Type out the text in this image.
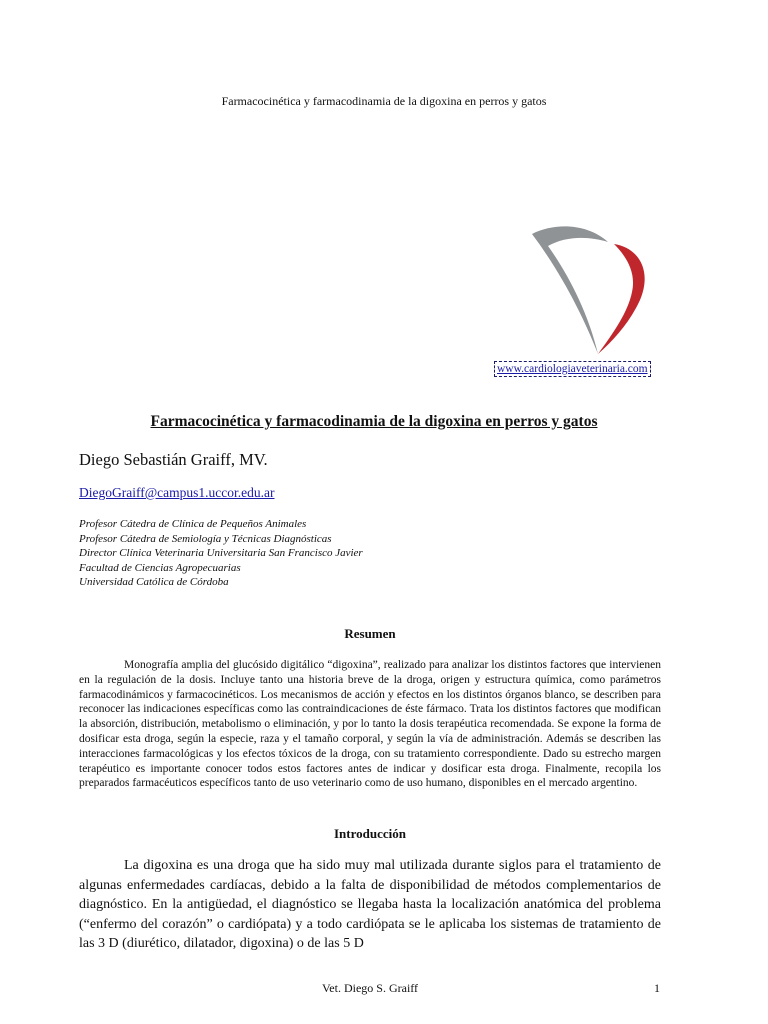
Farmacocinética y farmacodinamia de la digoxina en perros y gatos
www.cardiologiaveterinaria.com
Farmacocinética y farmacodinamia de la digoxina en perros y gatos
Diego Sebastián Graiff, MV.
DiegoGraiff@campus1.uccor.edu.ar
Profesor Cátedra de Clínica de Pequeños Animales
Profesor Cátedra de Semiología y Técnicas Diagnósticas
Director Clínica Veterinaria Universitaria San Francisco Javier
Facultad de Ciencias Agropecuarias
Universidad Católica de Córdoba
Resumen

Monografía amplia del glucósido digitálico “digoxina”, realizado para analizar los distintos factores que intervienen en la regulación de la dosis. Incluye tanto una historia breve de la droga, origen y estructura química, como parámetros farmacodinámicos y farmacocinéticos. Los mecanismos de acción y efectos en los distintos órganos blanco, se describen para reconocer las indicaciones específicas como las contraindicaciones de éste fármaco. Trata los distintos factores que modifican la absorción, distribución, metabolismo o eliminación, y por lo tanto la dosis terapéutica recomendada. Se expone la forma de dosificar esta droga, según la especie, raza y el tamaño corporal, y según la vía de administración. Además se describen las interacciones farmacológicas y los efectos tóxicos de la droga, con su tratamiento correspondiente. Dado su estrecho margen terapéutico es importante conocer todos estos factores antes de indicar y dosificar esta droga. Finalmente, recopila los preparados farmacéuticos específicos tanto de uso veterinario como de uso humano, disponibles en el mercado argentino.

Introducción

La digoxina es una droga que ha sido muy mal utilizada durante siglos para el tratamiento de algunas enfermedades cardíacas, debido a la falta de disponibilidad de métodos complementarios de diagnóstico. En la antigüedad, el diagnóstico se llegaba hasta la localización anatómica del problema (“enfermo del corazón” o cardiópata) y a todo cardiópata se le aplicaba los sistemas de tratamiento de las 3 D (diurético, dilatador, digoxina) o de las 5 D

Vet. Diego S. Graiff	1
